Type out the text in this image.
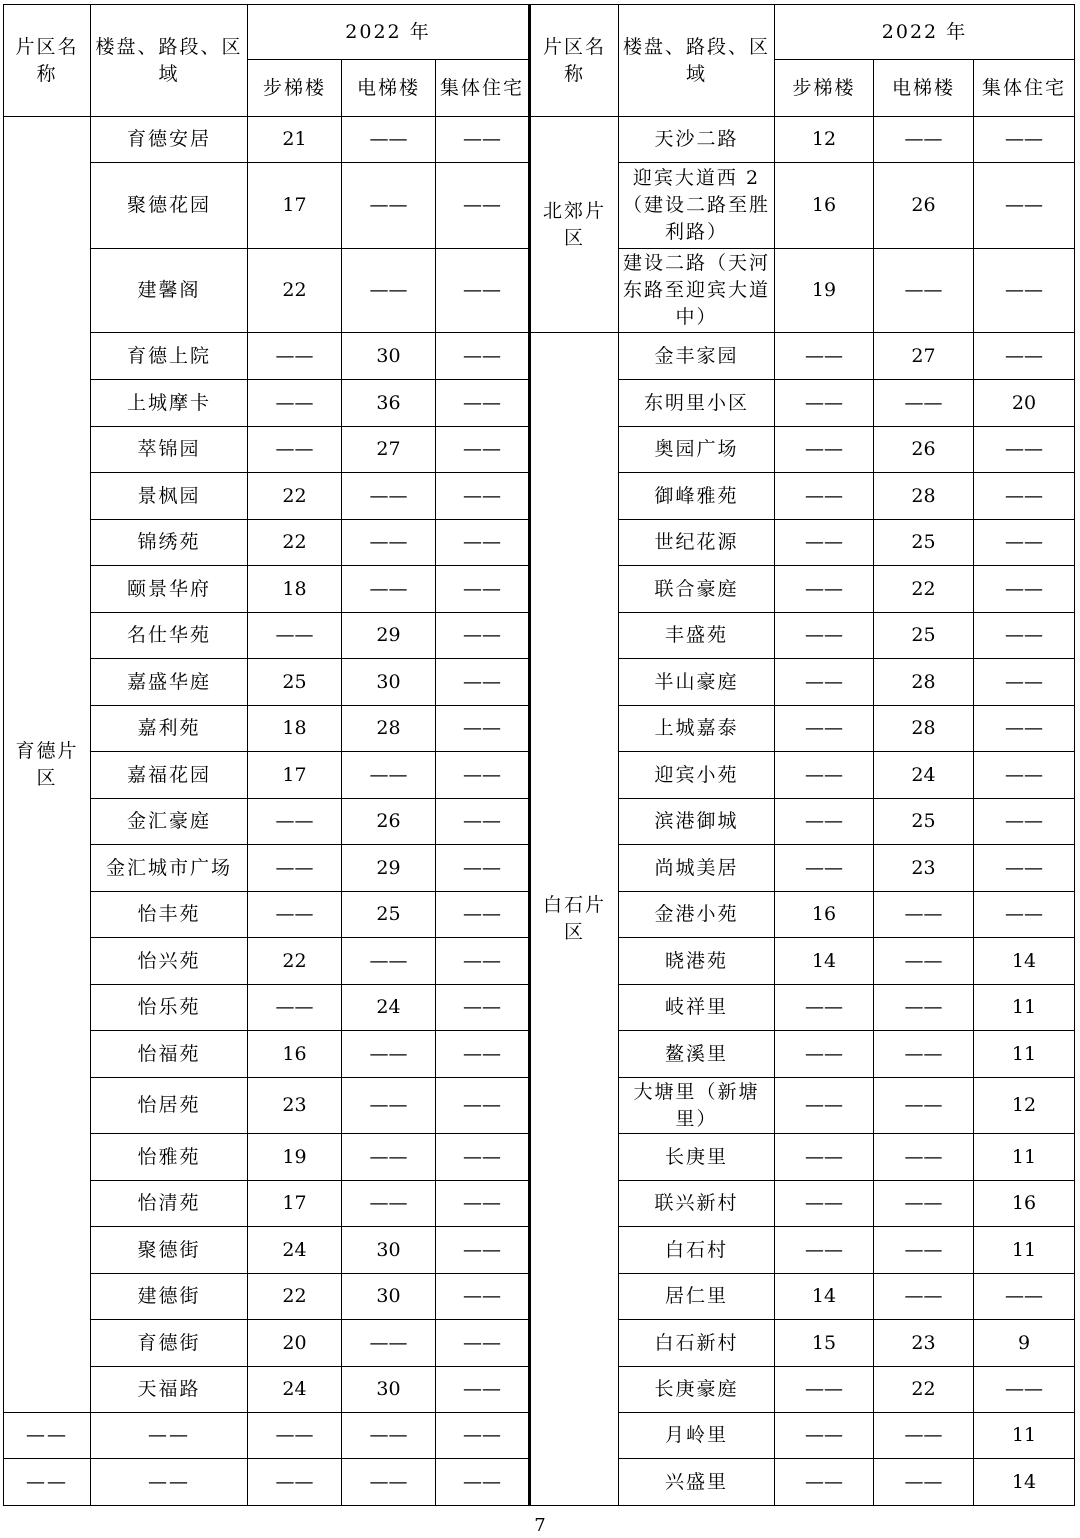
片区名称	楼盘、路段、区域	2022 年			片区名称	楼盘、路段、区域	2022 年		
		步梯楼	电梯楼	集体住宅			步梯楼	电梯楼	集体住宅
育德片区	育德安居	21	——	——	北郊片区	天沙二路	12	——	——
	聚德花园	17	——	——		迎宾大道西 2（建设二路至胜利路）	16	26	——
	建馨阁	22	——	——		建设二路（天河东路至迎宾大道中）	19	——	——
	育德上院	——	30	——	白石片区	金丰家园	——	27	——
	上城摩卡	——	36	——		东明里小区	——	——	20
	萃锦园	——	27	——		奥园广场	——	26	——
	景枫园	22	——	——		御峰雅苑	——	28	——
	锦绣苑	22	——	——		世纪花源	——	25	——
	颐景华府	18	——	——		联合豪庭	——	22	——
	名仕华苑	——	29	——		丰盛苑	——	25	——
	嘉盛华庭	25	30	——		半山豪庭	——	28	——
	嘉利苑	18	28	——		上城嘉泰	——	28	——
	嘉福花园	17	——	——		迎宾小苑	——	24	——
	金汇豪庭	——	26	——		滨港御城	——	25	——
	金汇城市广场	——	29	——		尚城美居	——	23	——
	怡丰苑	——	25	——		金港小苑	16	——	——
	怡兴苑	22	——	——		晓港苑	14	——	14
	怡乐苑	——	24	——		岐祥里	——	——	11
	怡福苑	16	——	——		鳌溪里	——	——	11
	怡居苑	23	——	——		大塘里（新塘里）	——	——	12
	怡雅苑	19	——	——		长庚里	——	——	11
	怡清苑	17	——	——		联兴新村	——	——	16
	聚德街	24	30	——		白石村	——	——	11
	建德街	22	30	——		居仁里	14	——	——
	育德街	20	——	——		白石新村	15	23	9
	天福路	24	30	——		长庚豪庭	——	22	——
——	——	——	——	——		月岭里	——	——	11
——	——	——	——	——		兴盛里	——	——	14
7
